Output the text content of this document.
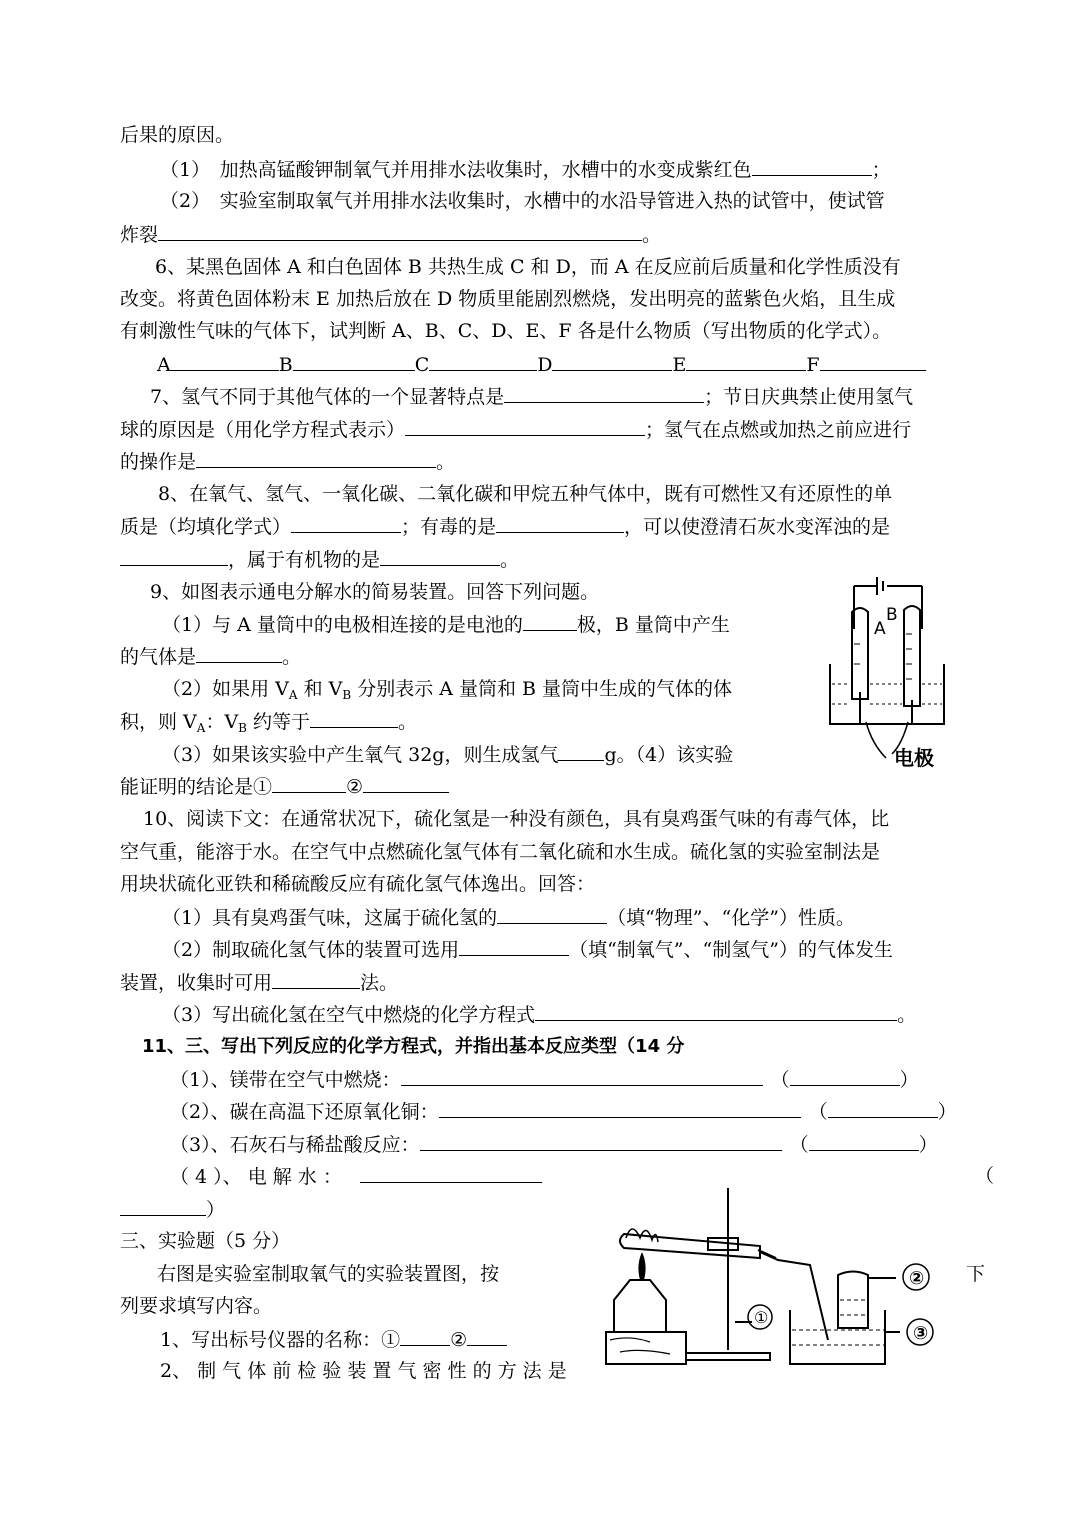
后果的原因。
（1）　加热高锰酸钾制氧气并用排水法收集时，水槽中的水变成紫红色	；
（2）　实验室制取氧气并用排水法收集时，水槽中的水沿导管进入热的试管中，使试管
炸裂	。
6、某黑色固体 A 和白色固体 B 共热生成 C 和 D，而 A 在反应前后质量和化学性质没有
改变。将黄色固体粉末 E 加热后放在 D 物质里能剧烈燃烧，发出明亮的蓝紫色火焰，且生成
有刺激性气味的气体下，试判断 A、B、C、D、E、F 各是什么物质（写出物质的化学式）。
A	B	C	D	E	F
7、氢气不同于其他气体的一个显著特点是	；节日庆典禁止使用氢气
球的原因是（用化学方程式表示）	；氢气在点燃或加热之前应进行
的操作是	。
8、在氧气、氢气、一氧化碳、二氧化碳和甲烷五种气体中，既有可燃性又有还原性的单
质是（均填化学式）	；有毒的是	，可以使澄清石灰水变浑浊的是
，属于有机物的是	。
9、如图表示通电分解水的简易装置。回答下列问题。
（1）与 A 量筒中的电极相连接的是电池的	极，B 量筒中产生
的气体是	。
（2）如果用 $V_A$ 和 $V_B$ 分别表示 A 量筒和 B 量筒中生成的气体的体
积，则 $V_A$：$V_B$ 约等于	。
（3）如果该实验中产生氧气 32g，则生成氢气 g。（4）该实验
能证明的结论是①	②
A
B
电极
10、阅读下文：在通常状况下，硫化氢是一种没有颜色，具有臭鸡蛋气味的有毒气体，比
空气重，能溶于水。在空气中点燃硫化氢气体有二氧化硫和水生成。硫化氢的实验室制法是
用块状硫化亚铁和稀硫酸反应有硫化氢气体逸出。回答：
（1）具有臭鸡蛋气味，这属于硫化氢的	（填“物理”、“化学”）性质。
（2）制取硫化氢气体的装置可选用	（填“制氧气”、“制氢气”）的气体发生
装置，收集时可用	法。
（3）写出硫化氢在空气中燃烧的化学方程式	。
11、三、写出下列反应的化学方程式，并指出基本反应类型（14 分
（1）、镁带在空气中燃烧：	（	）
（2）、碳在高温下还原氧化铜：	（	）
（3）、石灰石与稀盐酸反应：	（	）
（ 4 ）、 电 解 水 ：	（
）
三、实验题（5 分）
右图是实验室制取氧气的实验装置图，按	下
列要求填写内容。
1、写出标号仪器的名称：①	②
2、 制 气 体 前 检 验 装 置 气 密 性 的 方 法 是
①
②
③
